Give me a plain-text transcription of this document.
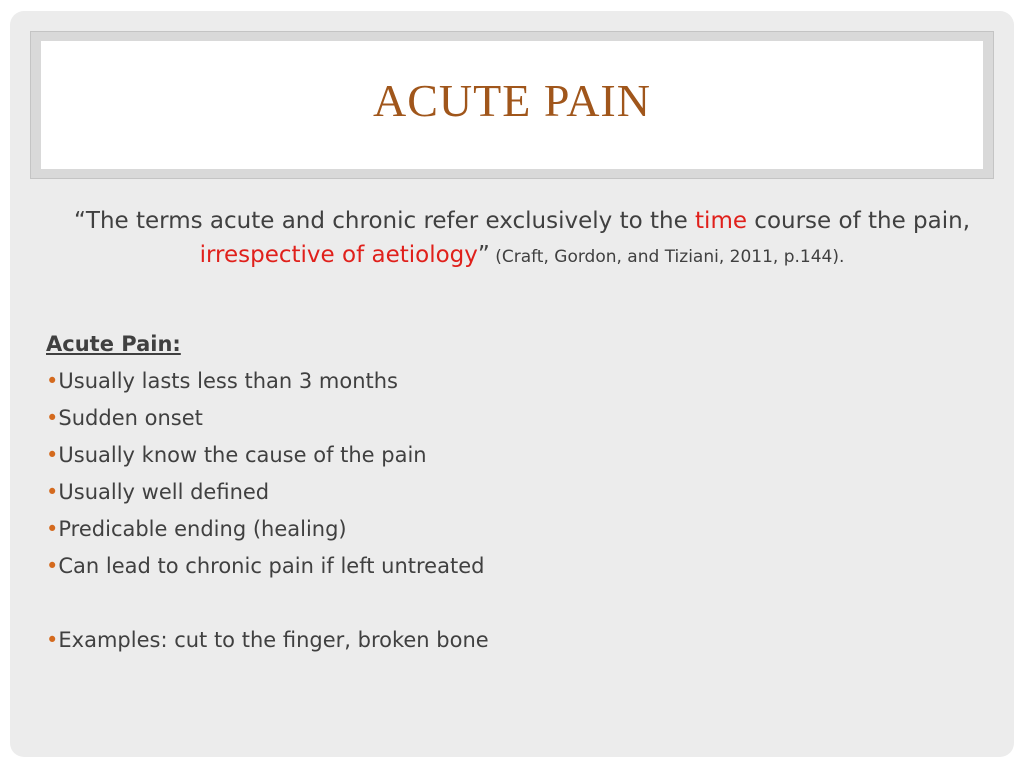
ACUTE PAIN
“The terms acute and chronic refer exclusively to the time course of the pain, irrespective of aetiology” (Craft, Gordon, and Tiziani, 2011, p.144).

Acute Pain:

•Usually lasts less than 3 months
•Sudden onset
•Usually know the cause of the pain
•Usually well defined
•Predicable ending (healing)
•Can lead to chronic pain if left untreated
•Examples: cut to the finger, broken bone
